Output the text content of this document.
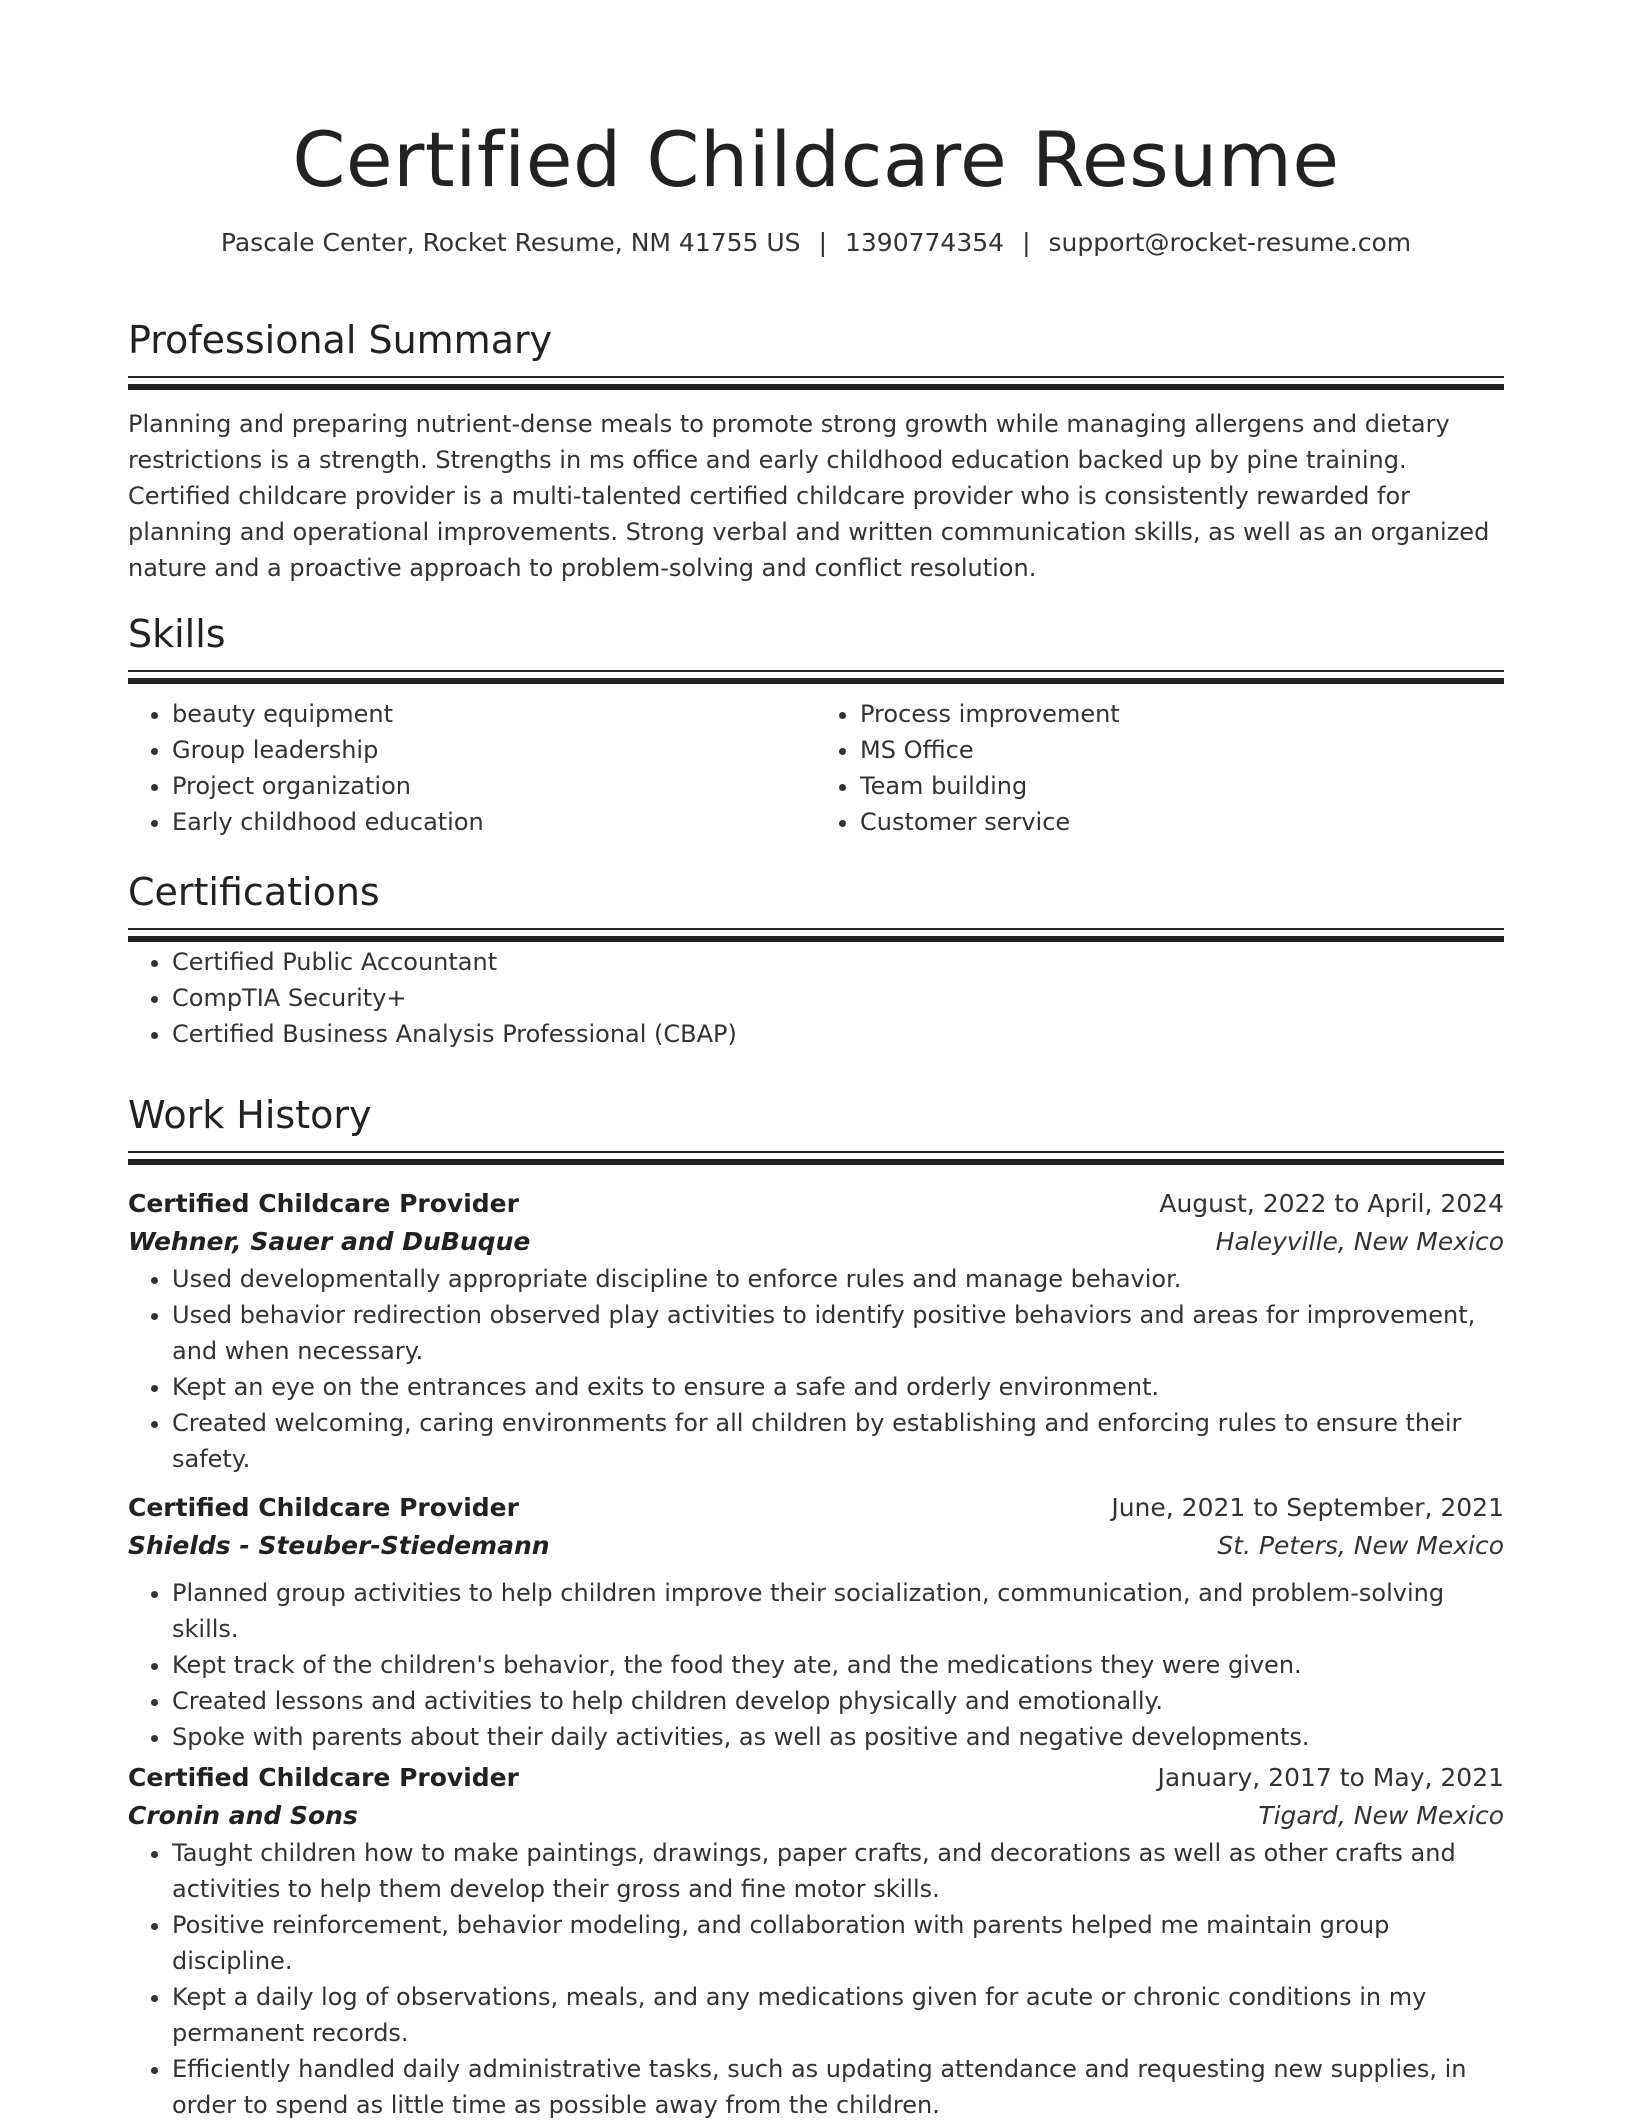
Certified Childcare Resume
Pascale Center, Rocket Resume, NM 41755 US | 1390774354 | support@rocket-resume.com
Professional Summary
Planning and preparing nutrient-dense meals to promote strong growth while managing allergens and dietary restrictions is a strength. Strengths in ms office and early childhood education backed up by pine training. Certified childcare provider is a multi-talented certified childcare provider who is consistently rewarded for planning and operational improvements. Strong verbal and written communication skills, as well as an organized nature and a proactive approach to problem-solving and conflict resolution.
Skills
• beauty equipment
• Group leadership
• Project organization
• Early childhood education
• Process improvement
• MS Office
• Team building
• Customer service
Certifications
• Certified Public Accountant
• CompTIA Security+
• Certified Business Analysis Professional (CBAP)
Work History
Certified Childcare Provider	August, 2022 to April, 2024
Wehner, Sauer and DuBuque	Haleyville, New Mexico
• Used developmentally appropriate discipline to enforce rules and manage behavior.
• Used behavior redirection observed play activities to identify positive behaviors and areas for improvement, and when necessary.
• Kept an eye on the entrances and exits to ensure a safe and orderly environment.
• Created welcoming, caring environments for all children by establishing and enforcing rules to ensure their safety.
Certified Childcare Provider	June, 2021 to September, 2021
Shields - Steuber-Stiedemann	St. Peters, New Mexico
• Planned group activities to help children improve their socialization, communication, and problem-solving skills.
• Kept track of the children's behavior, the food they ate, and the medications they were given.
• Created lessons and activities to help children develop physically and emotionally.
• Spoke with parents about their daily activities, as well as positive and negative developments.
Certified Childcare Provider	January, 2017 to May, 2021
Cronin and Sons	Tigard, New Mexico
• Taught children how to make paintings, drawings, paper crafts, and decorations as well as other crafts and activities to help them develop their gross and fine motor skills.
• Positive reinforcement, behavior modeling, and collaboration with parents helped me maintain group discipline.
• Kept a daily log of observations, meals, and any medications given for acute or chronic conditions in my permanent records.
• Efficiently handled daily administrative tasks, such as updating attendance and requesting new supplies, in order to spend as little time as possible away from the children.
